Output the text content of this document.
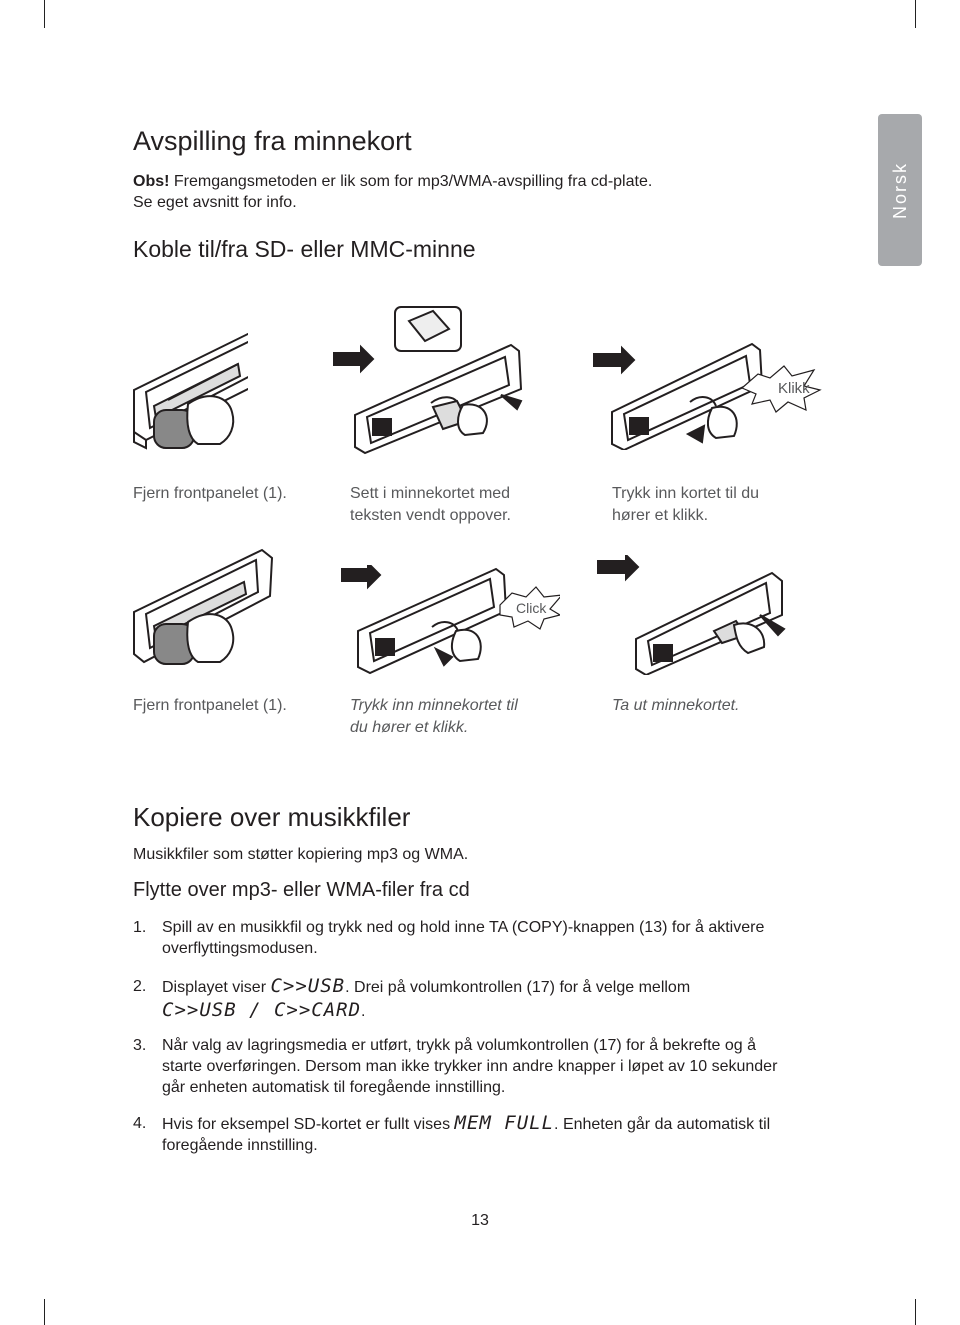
Norsk
Avspilling fra minnekort
Obs! Fremgangsmetoden er lik som for mp3/WMA-avspilling fra cd-plate.
Se eget avsnitt for info.
Koble til/fra SD- eller MMC-minne
Klikk
Fjern frontpanelet (1).	Sett i minnekortet med
teksten vendt oppover.
Trykk inn kortet til du
hører et klikk.
Click
Fjern frontpanelet (1).	Trykk inn minnekortet til
du hører et klikk.
Ta ut minnekortet.
Kopiere over musikkfiler
Musikkfiler som støtter kopiering mp3 og WMA.
Flytte over mp3- eller WMA-filer fra cd
1. Spill av en musikkfil og trykk ned og hold inne TA (COPY)-knappen (13) for å aktivere
overflyttingsmodusen.
2. Displayet viser C>>USB. Drei på volumkontrollen (17) for å velge mellom
C>>USB / C>>CARD.
3. Når valg av lagringsmedia er utført, trykk på volumkontrollen (17) for å bekrefte og å
starte overføringen. Dersom man ikke trykker inn andre knapper i løpet av 10 sekunder
går enheten automatisk til foregående innstilling.
4. Hvis for eksempel SD-kortet er fullt vises MEM FULL. Enheten går da automatisk til
foregående innstilling.
13
